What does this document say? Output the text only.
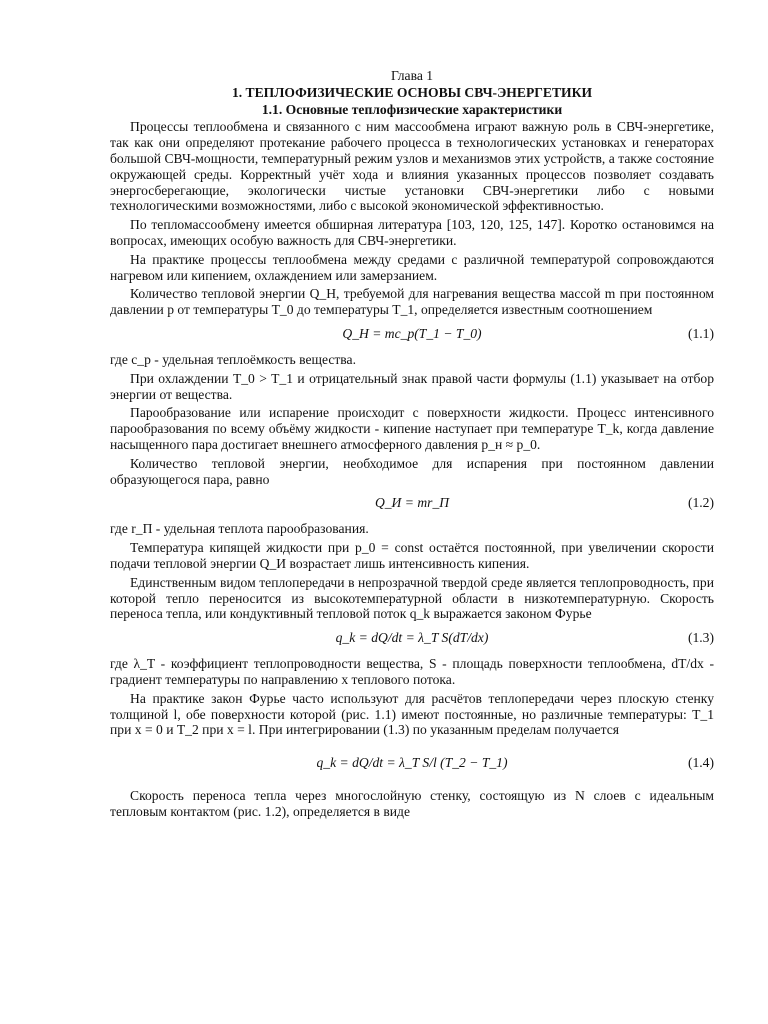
Глава 1
1. ТЕПЛОФИЗИЧЕСКИЕ ОСНОВЫ СВЧ-ЭНЕРГЕТИКИ
1.1. Основные теплофизические характеристики

Процессы теплообмена и связанного с ним массообмена играют важную роль в СВЧ-энергетике, так как они определяют протекание рабочего процесса в технологических установках и генераторах большой СВЧ-мощности, температурный режим узлов и механизмов этих устройств, а также состояние окружающей среды. Корректный учёт хода и влияния указанных процессов позволяет создавать энергосберегающие, экологически чистые установки СВЧ-энергетики либо с новыми технологическими возможностями, либо с высокой экономической эффективностью.

По тепломассообмену имеется обширная литература [103, 120, 125, 147]. Коротко остановимся на вопросах, имеющих особую важность для СВЧ-энергетики.

На практике процессы теплообмена между средами с различной температурой сопровождаются нагревом или кипением, охлаждением или замерзанием.

Количество тепловой энергии Q_H, требуемой для нагревания вещества массой m при постоянном давлении p от температуры T_0 до температуры T_1, определяется известным соотношением

Q_H = mc_p(T_1 − T_0)	(1.1)

где c_p - удельная теплоёмкость вещества.

При охлаждении T_0 > T_1 и отрицательный знак правой части формулы (1.1) указывает на отбор энергии от вещества.

Парообразование или испарение происходит с поверхности жидкости. Процесс интенсивного парообразования по всему объёму жидкости - кипение наступает при температуре T_k, когда давление насыщенного пара достигает внешнего атмосферного давления p_н ≈ p_0.

Количество тепловой энергии, необходимое для испарения при постоянном давлении образующегося пара, равно

Q_И = mr_П	(1.2)

где r_П - удельная теплота парообразования.

Температура кипящей жидкости при p_0 = const остаётся постоянной, при увеличении скорости подачи тепловой энергии Q_И возрастает лишь интенсивность кипения.

Единственным видом теплопередачи в непрозрачной твердой среде является теплопроводность, при которой тепло переносится из высокотемпературной области в низкотемпературную. Скорость переноса тепла, или кондуктивный тепловой поток q_k выражается законом Фурье

q_k = dQ/dt = λ_T S(dT/dx)	(1.3)

где λ_T - коэффициент теплопроводности вещества, S - площадь поверхности теплообмена, dT/dx - градиент температуры по направлению x теплового потока.

На практике закон Фурье часто используют для расчётов теплопередачи через плоскую стенку толщиной l, обе поверхности которой (рис. 1.1) имеют постоянные, но различные температуры: T_1 при x = 0 и T_2 при x = l. При интегрировании (1.3) по указанным пределам получается

q_k = dQ/dt = λ_T S/l (T_2 − T_1)	(1.4)

Скорость переноса тепла через многослойную стенку, состоящую из N слоев с идеальным тепловым контактом (рис. 1.2), определяется в виде
